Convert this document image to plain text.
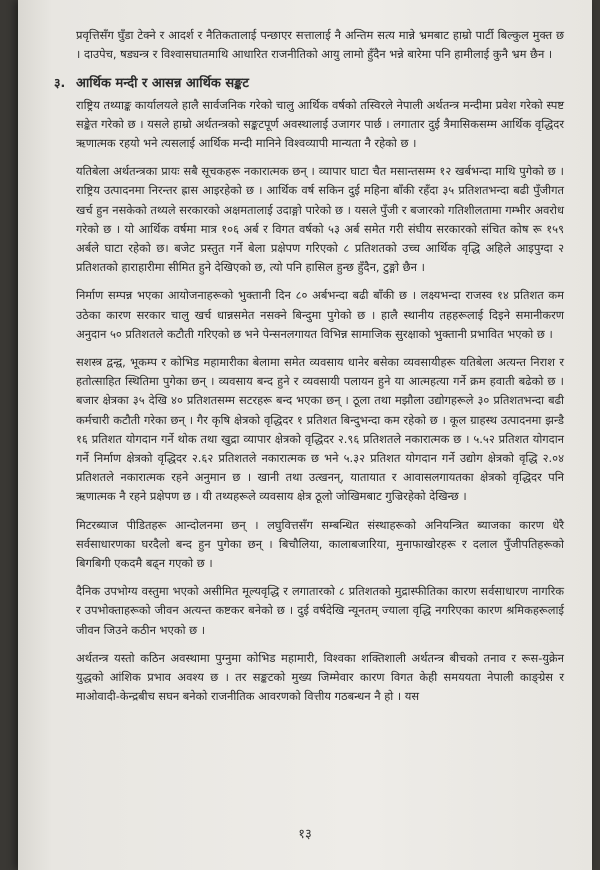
प्रवृत्तिसँग घुँडा टेक्ने र आदर्श र नैतिकतालाई पन्छाएर सत्तालाई नै अन्तिम सत्य मान्ने भ्रमबाट हाम्रो पार्टी बिल्कुल मुक्त छ । दाउपेच, षड्यन्त्र र विश्वासघातमाथि आधारित राजनीतिको आयु लामो हुँदैन भन्ने बारेमा पनि हामीलाई कुनै भ्रम छैन ।

३. आर्थिक मन्दी र आसन्न आर्थिक सङ्कट

राष्ट्रिय तथ्याङ्क कार्यालयले हालै सार्वजनिक गरेको चालु आर्थिक वर्षको तस्विरले नेपाली अर्थतन्त्र मन्दीमा प्रवेश गरेको स्पष्ट सङ्केत गरेको छ । यसले हाम्रो अर्थतन्त्रको सङ्कटपूर्ण अवस्थालाई उजागर पार्छ । लगातार दुई त्रैमासिकसम्म आर्थिक वृद्धिदर ऋणात्मक रहयो भने त्यसलाई आर्थिक मन्दी मानिने विश्वव्यापी मान्यता नै रहेको छ ।

यतिबेला अर्थतन्त्रका प्रायः सबै सूचकहरू नकारात्मक छन् । व्यापार घाटा चैत मसान्तसम्म १२ खर्बभन्दा माथि पुगेको छ । राष्ट्रिय उत्पादनमा निरन्तर ह्रास आइरहेको छ । आर्थिक वर्ष सकिन दुई महिना बाँकी रहँदा ३५ प्रतिशतभन्दा बढी पुँजीगत खर्च हुन नसकेको तथ्यले सरकारको अक्षमतालाई उदाङ्गो पारेको छ । यसले पुँजी र बजारको गतिशीलतामा गम्भीर अवरोध गरेको छ । यो आर्थिक वर्षमा मात्र १०६ अर्ब र विगत वर्षको ५३ अर्ब समेत गरी संघीय सरकारको संचित कोष रू १५९ अर्बले घाटा रहेको छ। बजेट प्रस्तुत गर्ने बेला प्रक्षेपण गरिएको ८ प्रतिशतको उच्च आर्थिक वृद्धि अहिले आइपुग्दा २ प्रतिशतको हाराहारीमा सीमित हुने देखिएको छ, त्यो पनि हासिल हुन्छ हुँदैन, टुङ्गो छैन ।

निर्माण सम्पन्न भएका आयोजनाहरूको भुक्तानी दिन ८० अर्बभन्दा बढी बाँकी छ । लक्ष्यभन्दा राजस्व १४ प्रतिशत कम उठेका कारण सरकार चालु खर्च धान्नसमेत नसक्ने बिन्दुमा पुगेको छ । हालै स्थानीय तहहरूलाई दिइने समानीकरण अनुदान ५० प्रतिशतले कटौती गरिएको छ भने पेन्सनलगायत विभिन्न सामाजिक सुरक्षाको भुक्तानी प्रभावित भएको छ ।

सशस्त्र द्वन्द्व, भूकम्प र कोभिड महामारीका बेलामा समेत व्यवसाय धानेर बसेका व्यवसायीहरू यतिबेला अत्यन्त निराश र हतोत्साहित स्थितिमा पुगेका छन् । व्यवसाय बन्द हुने र व्यवसायी पलायन हुने या आत्महत्या गर्ने क्रम हवाती बढेको छ । बजार क्षेत्रका ३५ देखि ४० प्रतिशतसम्म सटरहरू बन्द भएका छन् । ठूला तथा मझौला उद्योगहरूले ३० प्रतिशतभन्दा बढी कर्मचारी कटौती गरेका छन् । गैर कृषि क्षेत्रको वृद्धिदर १ प्रतिशत बिन्दुभन्दा कम रहेको छ । कूल ग्राहस्थ उत्पादनमा झन्डै १६ प्रतिशत योगदान गर्ने थोक तथा खुद्रा व्यापार क्षेत्रको वृद्धिदर २.९६ प्रतिशतले नकारात्मक छ । ५.५२ प्रतिशत योगदान गर्ने निर्माण क्षेत्रको वृद्धिदर २.६२ प्रतिशतले नकारात्मक छ भने ५.३२ प्रतिशत योगदान गर्ने उद्योग क्षेत्रको वृद्धि २.०४ प्रतिशतले नकारात्मक रहने अनुमान छ । खानी तथा उत्खनन्, यातायात र आवासलगायतका क्षेत्रको वृद्धिदर पनि ऋणात्मक नै रहने प्रक्षेपण छ । यी तथ्यहरूले व्यवसाय क्षेत्र ठूलो जोखिमबाट गुज्रिरहेको देखिन्छ ।

मिटरब्याज पीडितहरू आन्दोलनमा छन् । लघुवित्तसँग सम्बन्धित संस्थाहरूको अनियन्त्रित ब्याजका कारण धेरै सर्वसाधारणका घरदैलो बन्द हुन पुगेका छन् । बिचौलिया, कालाबजारिया, मुनाफाखोरहरू र दलाल पुँजीपतिहरूको बिगबिगी एकदमै बढ्न गएको छ ।

दैनिक उपभोग्य वस्तुमा भएको असीमित मूल्यवृद्धि र लगातारको ८ प्रतिशतको मुद्रास्फीतिका कारण सर्वसाधारण नागरिक र उपभोक्ताहरूको जीवन अत्यन्त कष्टकर बनेको छ । दुई वर्षदेखि न्यूनतम् ज्याला वृद्धि नगरिएका कारण श्रमिकहरूलाई जीवन जिउने कठीन भएको छ ।

अर्थतन्त्र यस्तो कठिन अवस्थामा पुग्नुमा कोभिड महामारी, विश्वका शक्तिशाली अर्थतन्त्र बीचको तनाव र रूस-युक्रेन युद्धको आंशिक प्रभाव अवश्य छ । तर सङ्कटको मुख्य जिम्मेवार कारण विगत केही समययता नेपाली काङ्ग्रेस र माओवादी-केन्द्रबीच सघन बनेको राजनीतिक आवरणको वित्तीय गठबन्धन नै हो । यस

१३
